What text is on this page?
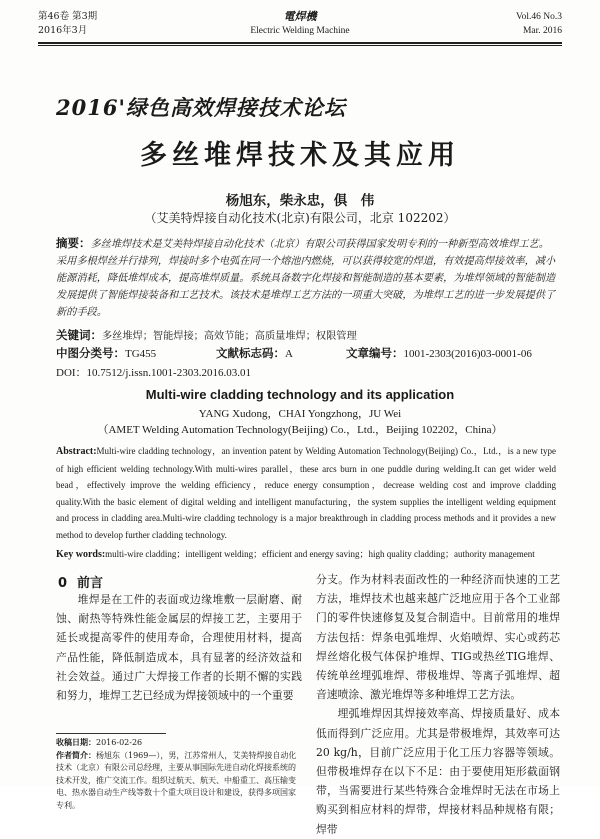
第46卷 第3期
2016年3月
電焊機
Electric Welding Machine
Vol.46 No.3
Mar. 2016
2016'绿色高效焊接技术论坛
多丝堆焊技术及其应用
杨旭东，柴永忠，俱　伟
（艾美特焊接自动化技术(北京)有限公司，北京 102202）
摘要：多丝堆焊技术是艾美特焊接自动化技术（北京）有限公司获得国家发明专利的一种新型高效堆焊工艺。采用多根焊丝并行排列，焊接时多个电弧在同一个熔池内燃烧，可以获得较宽的焊道，有效提高焊接效率，减小能源消耗，降低堆焊成本，提高堆焊质量。系统具备数字化焊接和智能制造的基本要素，为堆焊领域的智能制造发展提供了智能焊接装备和工艺技术。该技术是堆焊工艺方法的一项重大突破，为堆焊工艺的进一步发展提供了新的手段。
关键词：多丝堆焊；智能焊接；高效节能；高质量堆焊；权限管理
中图分类号：TG455	文献标志码：A	文章编号：1001-2303(2016)03-0001-06
DOI：10.7512/j.issn.1001-2303.2016.03.01
Multi-wire cladding technology and its application
YANG Xudong，CHAI Yongzhong，JU Wei
（AMET Welding Automation Technology(Beijing) Co.，Ltd.，Beijing 102202，China）
Abstract:Multi-wire cladding technology，an invention patent by Welding Automation Technology(Beijing) Co.，Ltd.，is a new type of high efficient welding technology.With multi-wires parallel，these arcs burn in one puddle during welding.It can get wider weld bead，effectively improve the welding efficiency，reduce energy consumption，decrease welding cost and improve cladding quality.With the basic element of digital welding and intelligent manufacturing，the system supplies the intelligent welding equipment and process in cladding area.Multi-wire cladding technology is a major breakthrough in cladding process methods and it provides a new method to develop further cladding technology.
Key words:multi-wire cladding；intelligent welding；efficient and energy saving；high quality cladding；authority management
0 前言

堆焊是在工件的表面或边缘堆敷一层耐磨、耐蚀、耐热等特殊性能金属层的焊接工艺，主要用于延长或提高零件的使用寿命，合理使用材料，提高产品性能，降低制造成本，具有显著的经济效益和社会效益。通过广大焊接工作者的长期不懈的实践和努力，堆焊工艺已经成为焊接领域中的一个重要

分支。作为材料表面改性的一种经济而快速的工艺方法，堆焊技术也越来越广泛地应用于各个工业部门的零件快速修复及复合制造中。目前常用的堆焊方法包括：焊条电弧堆焊、火焰喷焊、实心或药芯焊丝熔化极气体保护堆焊、TIG或热丝TIG堆焊、传统单丝埋弧堆焊、带极堆焊、等离子弧堆焊、超音速喷涂、激光堆焊等多种堆焊工艺方法。

埋弧堆焊因其焊接效率高、焊接质量好、成本低而得到广泛应用。尤其是带极堆焊，其效率可达20 kg/h，目前广泛应用于化工压力容器等领域。但带极堆焊存在以下不足：由于要使用矩形截面钢带，当需要进行某些特殊合金堆焊时无法在市场上购买到相应材料的焊带，焊接材料品种规格有限；焊带

收稿日期：2016-02-26
作者简介：杨旭东（1969—），男，江苏常州人，艾美特焊接自动化技术（北京）有限公司总经理，主要从事国际先进自动化焊接系统的技术开发，推广交流工作。组织过航天、航天、中船重工、高压输变电、热水器自动生产线等数十个重大项目设计和建设，获得多项国家专利。
